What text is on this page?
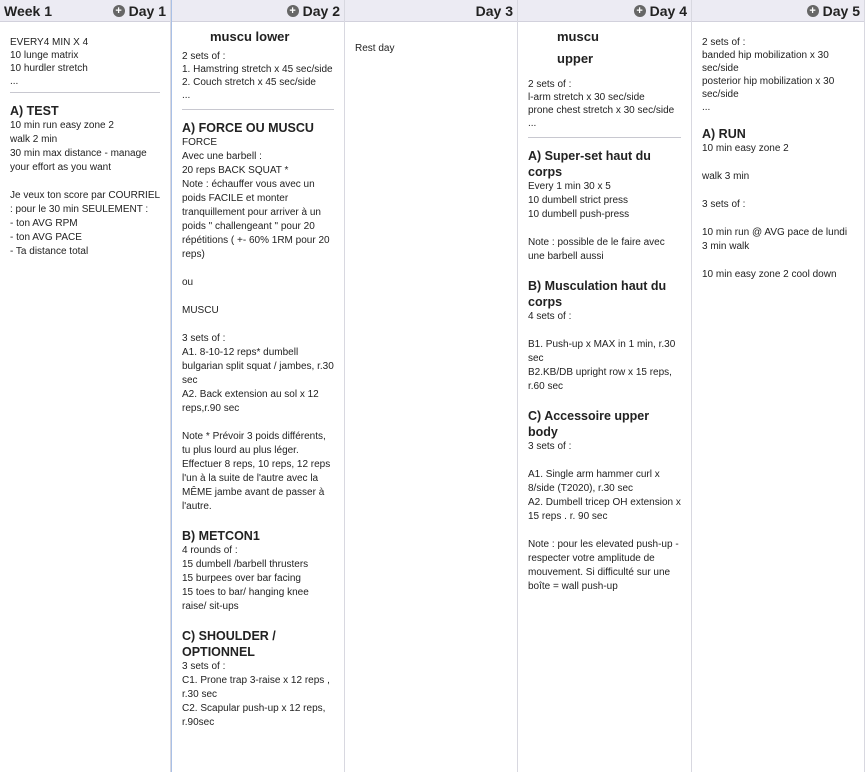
Week 1	+ Day 1

EVERY4 MIN X 4
10 lunge matrix
10 hurdler stretch
...

A) TEST

10 min run easy zone 2
walk 2 min
30 min max distance - manage your effort as you want

Je veux ton score par COURRIEL : pour le 30 min SEULEMENT :
- ton AVG RPM
- ton AVG PACE
- Ta distance total

+ Day 2
muscu lower

2 sets of :
1. Hamstring stretch x 45 sec/side
2. Couch stretch x 45 sec/side
...

A) FORCE OU MUSCU

FORCE
Avec une barbell :
20 reps BACK SQUAT *
Note : échauffer vous avec un poids FACILE et monter tranquillement pour arriver à un poids " challengeant " pour 20 répétitions ( +- 60% 1RM pour 20 reps)

ou

MUSCU

3 sets of :
A1. 8-10-12 reps* dumbell bulgarian split squat / jambes, r.30 sec
A2. Back extension au sol x 12 reps,r.90 sec

Note * Prévoir 3 poids différents, tu plus lourd au plus léger. Effectuer 8 reps, 10 reps, 12 reps l'un à la suite de l'autre avec la MÊME jambe avant de passer à l'autre.

B) METCON1

4 rounds of :
15 dumbell /barbell thrusters
15 burpees over bar facing
15 toes to bar/ hanging knee raise/ sit-ups

C) SHOULDER / OPTIONNEL

3 sets of :
C1. Prone trap 3-raise x 12 reps , r.30 sec
C2. Scapular push-up x 12 reps, r.90sec

Day 3

Rest day

+ Day 4
muscu
upper

2 sets of :
l-arm stretch x 30 sec/side
prone chest stretch x 30 sec/side
...

A) Super-set haut du corps

Every 1 min 30 x 5
10 dumbell strict press
10 dumbell push-press

Note : possible de le faire avec une barbell aussi

B) Musculation haut du corps

4 sets of :

B1. Push-up x MAX in 1 min, r.30 sec
B2.KB/DB upright row x 15 reps, r.60 sec

C) Accessoire upper body

3 sets of :

A1. Single arm hammer curl x 8/side (T2020), r.30 sec
A2. Dumbell tricep OH extension x 15 reps . r. 90 sec

Note : pour les elevated push-up - respecter votre amplitude de mouvement. Si difficulté sur une boîte = wall push-up

+ Day 5

2 sets of :
banded hip mobilization x 30 sec/side
posterior hip mobilization x 30 sec/side
...

A) RUN

10 min easy zone 2

walk 3 min

3 sets of :

10 min run @ AVG pace de lundi
3 min walk

10 min easy zone 2 cool down
